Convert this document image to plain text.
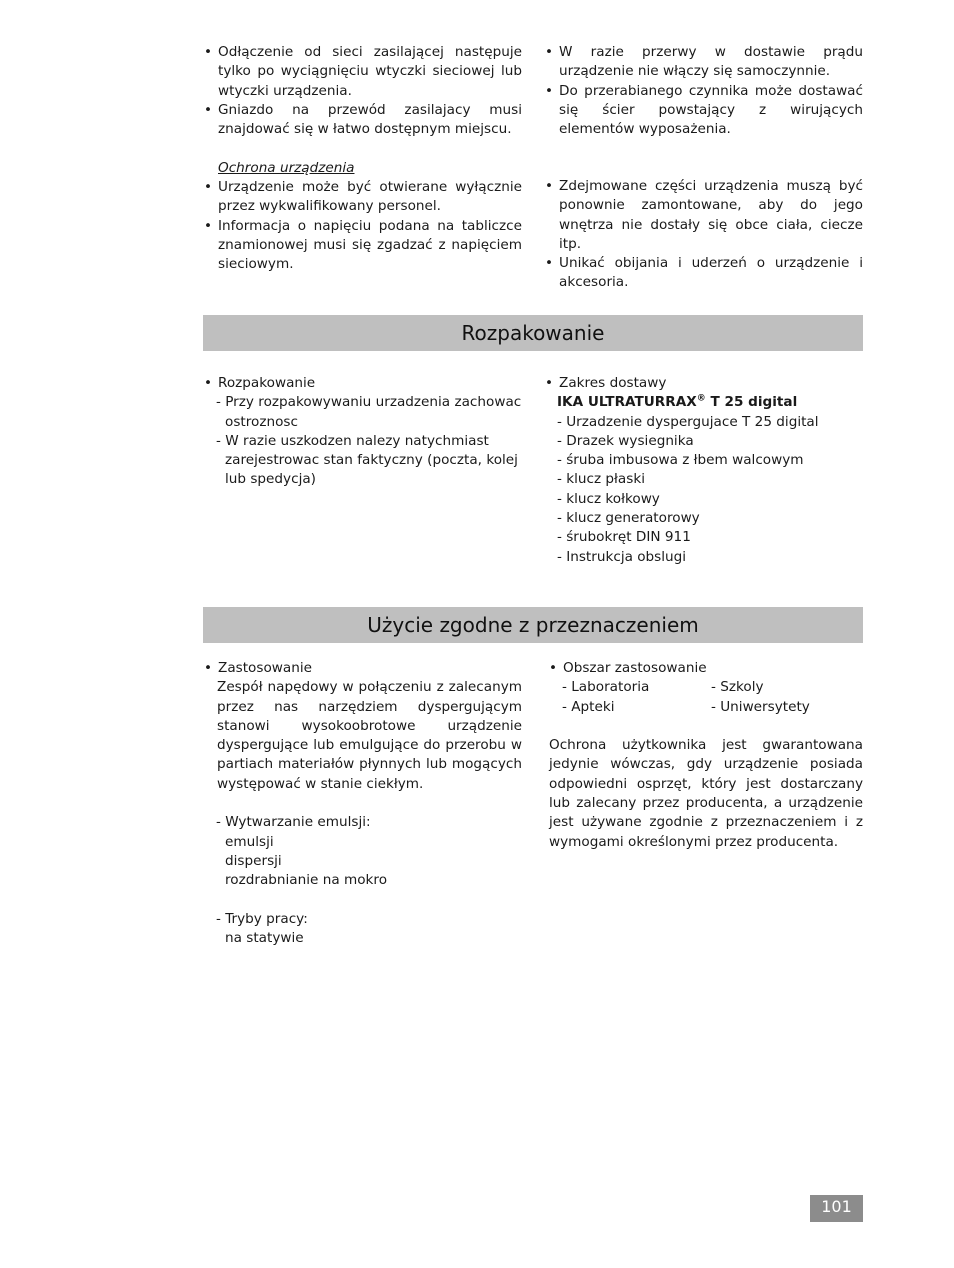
• Odłączenie od sieci zasilającej następuje tylko po wyciągnięciu wtyczki sieciowej lub wtyczki urządzenia.
• Gniazdo na przewód zasilajacy musi znajdować się w łatwo dostępnym miejscu.
Ochrona urządzenia
• Urządzenie może być otwierane wyłącznie przez wykwalifikowany personel.
• Informacja o napięciu podana na tabliczce znamionowej musi się zgadzać z napięciem sieciowym.
• W razie przerwy w dostawie prądu urządzenie nie włączy się samoczynnie.
• Do przerabianego czynnika może dostawać się ścier powstający z wirujących elementów wyposażenia.
• Zdejmowane części urządzenia muszą być ponownie zamontowane, aby do jego wnętrza nie dostały się obce ciała, ciecze itp.
• Unikać obijania i uderzeń o urządzenie i akcesoria.
Rozpakowanie
• Rozpakowanie
- Przy rozpakowywaniu urzadzenia zachowac ostroznosc
- W razie uszkodzen nalezy natychmiast zarejestrowac stan faktyczny (poczta, kolej lub spedycja)
• Zakres dostawy
IKA ULTRATURRAX® T 25 digital
- Urzadzenie dyspergujace T 25 digital
- Drazek wysiegnika
- śruba imbusowa z łbem walcowym
- klucz płaski
- klucz kołkowy
- klucz generatorowy
- śrubokręt DIN 911
- Instrukcja obslugi
Użycie zgodne z przeznaczeniem
• Zastosowanie
Zespół napędowy w połączeniu z zalecanym przez nas narzędziem dyspergującym stanowi wysokoobrotowe urządzenie dyspergujące lub emulgujące do przerobu w partiach materiałów płynnych lub mogących występować w stanie ciekłym.
- Wytwarzanie emulsji:
emulsji
dispersji
rozdrabnianie na mokro
- Tryby pracy:
na statywie
• Obszar zastosowanie
- Laboratoria	- Szkoly
- Apteki	- Uniwersytety
Ochrona użytkownika jest gwarantowana jedynie wówczas, gdy urządzenie posiada odpowiedni osprzęt, który jest dostarczany lub zalecany przez producenta, a urządzenie jest używane zgodnie z przeznaczeniem i z wymogami określonymi przez producenta.
101
